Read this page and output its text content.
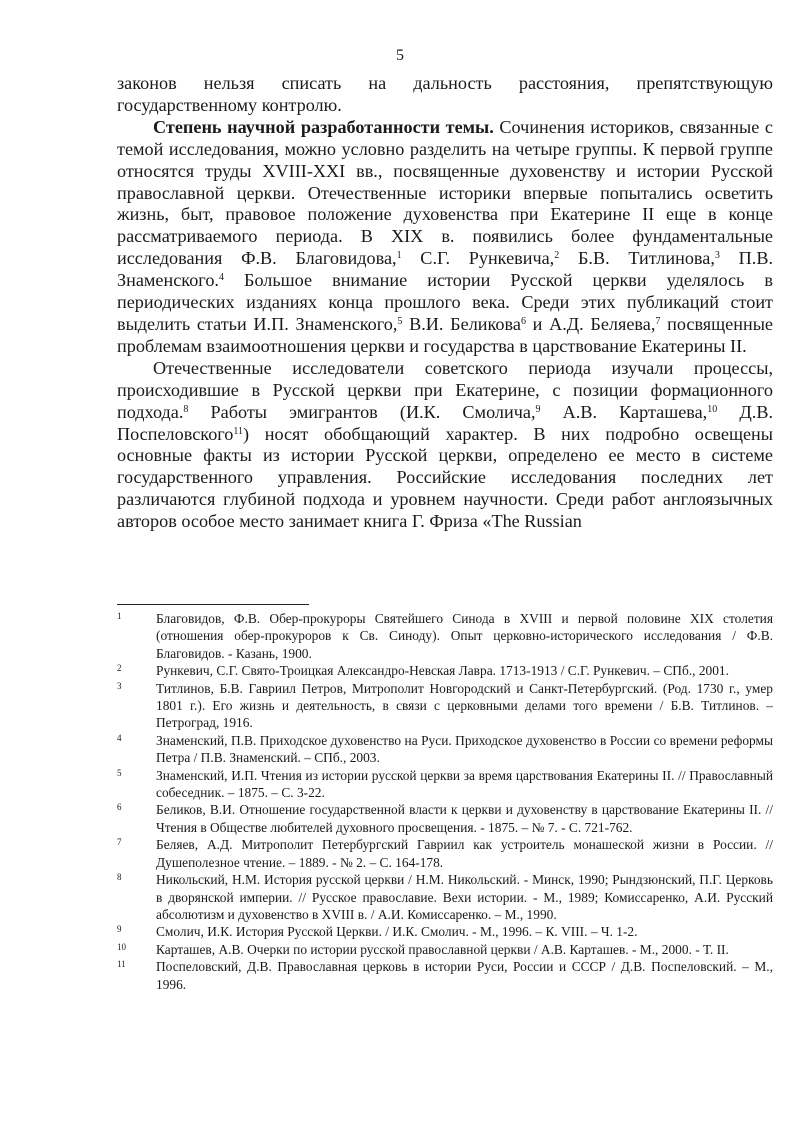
5

законов нельзя списать на дальность расстояния, препятствующую государственному контролю.

Степень научной разработанности темы. Сочинения историков, связанные с темой исследования, можно условно разделить на четыре группы. К первой группе относятся труды XVIII-XXI вв., посвященные духовенству и истории Русской православной церкви. Отечественные историки впервые попытались осветить жизнь, быт, правовое положение духовенства при Екатерине II еще в конце рассматриваемого периода. В XIX в. появились более фундаментальные исследования Ф.В. Благовидова,$^1$ С.Г. Рункевича,$^2$ Б.В. Титлинова,$^3$ П.В. Знаменского.$^4$ Большое внимание истории Русской церкви уделялось в периодических изданиях конца прошлого века. Среди этих публикаций стоит выделить статьи И.П. Знаменского,$^5$ В.И. Беликова$^6$ и А.Д. Беляева,$^7$ посвященные проблемам взаимоотношения церкви и государства в царствование Екатерины II.

Отечественные исследователи советского периода изучали процессы, происходившие в Русской церкви при Екатерине, с позиции формационного подхода.$^8$ Работы эмигрантов (И.К. Смолича,$^9$ А.В. Карташева,$^{10}$ Д.В. Поспеловского$^{11}$) носят обобщающий характер. В них подробно освещены основные факты из истории Русской церкви, определено ее место в системе государственного управления. Российские исследования последних лет различаются глубиной подхода и уровнем научности. Среди работ англоязычных авторов особое место занимает книга Г. Фриза «The Russian

1	Благовидов, Ф.В. Обер-прокуроры Святейшего Синода в XVIII и первой половине XIX столетия (отношения обер-прокуроров к Св. Синоду). Опыт церковно-исторического исследования / Ф.В. Благовидов. - Казань, 1900.
2	Рункевич, С.Г. Свято-Троицкая Александро-Невская Лавра. 1713-1913 / С.Г. Рункевич. – СПб., 2001.
3	Титлинов, Б.В. Гавриил Петров, Митрополит Новгородский и Санкт-Петербургский. (Род. 1730 г., умер 1801 г.). Его жизнь и деятельность, в связи с церковными делами того времени / Б.В. Титлинов. – Петроград, 1916.
4	Знаменский, П.В. Приходское духовенство на Руси. Приходское духовенство в России со времени реформы Петра / П.В. Знаменский. – СПб., 2003.
5	Знаменский, И.П. Чтения из истории русской церкви за время царствования Екатерины II. // Православный собеседник. – 1875. – С. 3-22.
6	Беликов, В.И. Отношение государственной власти к церкви и духовенству в царствование Екатерины II. // Чтения в Обществе любителей духовного просвещения. - 1875. – № 7. - С. 721-762.
7	Беляев, А.Д. Митрополит Петербургский Гавриил как устроитель монашеской жизни в России. //Душеполезное чтение. – 1889. - № 2. – С. 164-178.
8	Никольский, Н.М. История русской церкви / Н.М. Никольский. - Минск, 1990; Рындзюнский, П.Г. Церковь в дворянской империи. // Русское православие. Вехи истории. - М., 1989; Комиссаренко, А.И. Русский абсолютизм и духовенство в XVIII в. / А.И. Комиссаренко. – М., 1990.
9	Смолич, И.К. История Русской Церкви. / И.К. Смолич. - М., 1996. – К. VIII. – Ч. 1-2.
10 Карташев, А.В. Очерки по истории русской православной церкви / А.В. Карташев. - М., 2000. - Т. II.
11 Поспеловский, Д.В. Православная церковь в истории Руси, России и СССР / Д.В. Поспеловский. – М., 1996.
